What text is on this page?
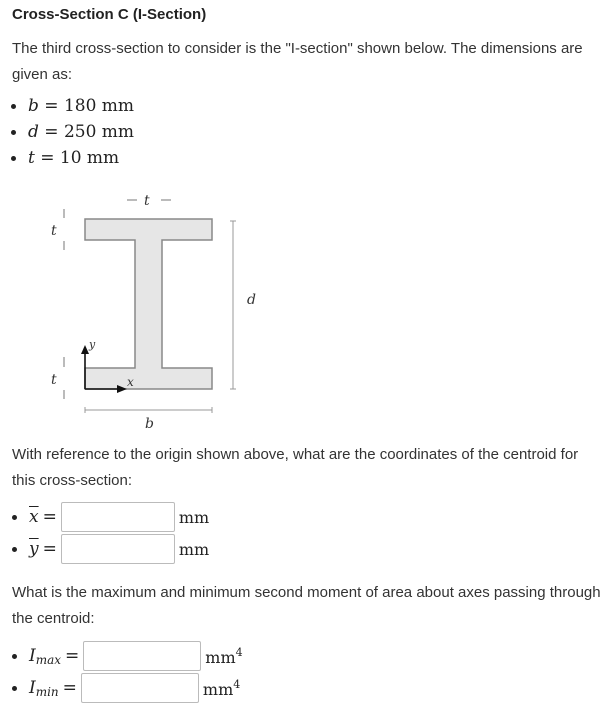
Cross-Section C (I-Section)
The third cross-section to consider is the "I-section" shown below. The dimensions are given as:
b = 180 mm
d = 250 mm
t = 10 mm
t
t
t
d
b
y
x
With reference to the origin shown above, what are the coordinates of the centroid for this cross-section:
$\overline{x}$ =	mm
$\overline{y}$ =	mm
What is the maximum and minimum second moment of area about axes passing through the centroid:
$I_{max}$ =	$mm^4$
$I_{min}$ =	$mm^4$
